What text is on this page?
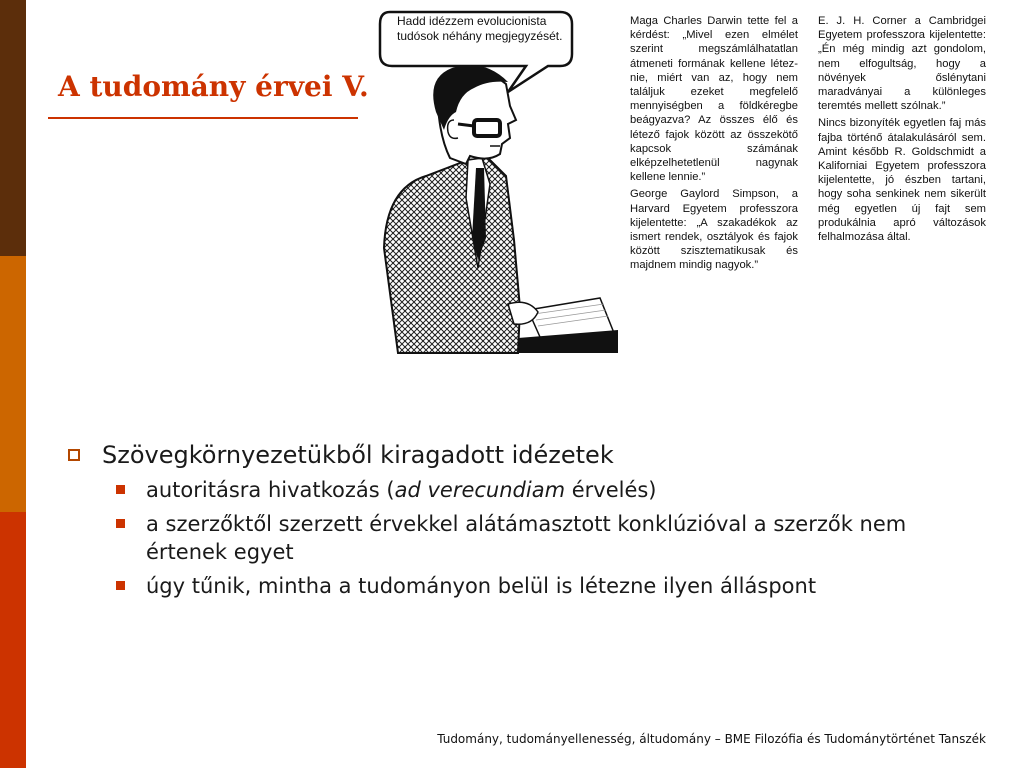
A tudomány érvei V.
Hadd idézzem evolucionista tudósok néhány megjegyzését.

Maga Charles Darwin tette fel a kérdést: „Mivel ezen elmélet szerint megszámlálhatatlan átmeneti formának kellene létez-nie, miért van az, hogy nem találjuk ezeket megfelelő mennyiségben a földkéregbe beágyazva? Az összes élő és létező fajok között az összekötő kapcsok számának elképzelhetetlenül nagynak kellene lennie.”

George Gaylord Simpson, a Harvard Egyetem professzora kijelentette: „A szakadékok az ismert rendek, osztályok és fajok között szisztematikusak és majdnem mindig nagyok.”

E. J. H. Corner a Cambridgei Egyetem professzora kijelentette: „Én még mindig azt gondolom, nem elfogultság, hogy a növények őslénytani maradványai a különleges teremtés mellett szólnak.”

Nincs bizonyíték egyetlen faj más fajba történő átalakulásáról sem. Amint később R. Goldschmidt a Kaliforniai Egyetem professzora kijelentette, jó észben tartani, hogy soha senkinek nem sikerült még egyetlen új fajt sem produkálnia apró változások felhalmozása által.

Szövegkörnyezetükből kiragadott idézetek
autoritásra hivatkozás (ad verecundiam érvelés)
a szerzőktől szerzett érvekkel alátámasztott konklúzióval a szerzők nem értenek egyet
úgy tűnik, mintha a tudományon belül is létezne ilyen álláspont
Tudomány, tudományellenesség, áltudomány – BME Filozófia és Tudománytörténet Tanszék
